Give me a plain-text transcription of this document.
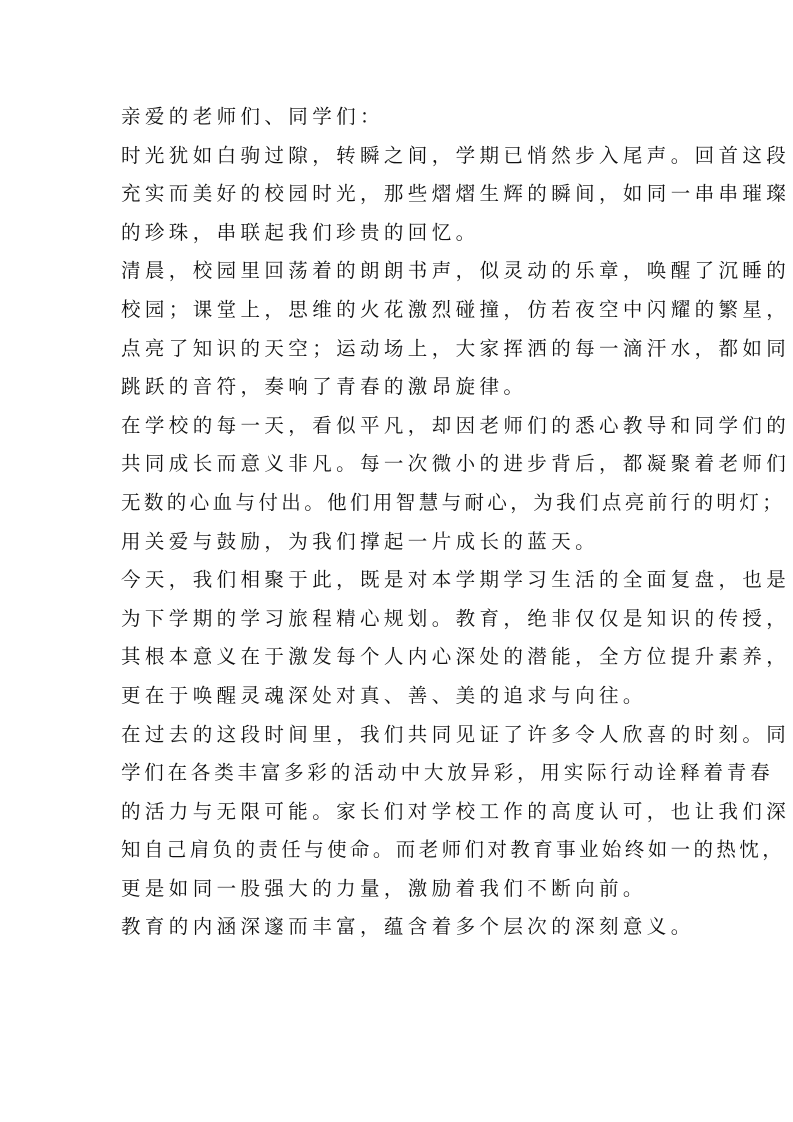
亲爱的老师们、同学们：
时光犹如白驹过隙，转瞬之间，学期已悄然步入尾声。回首这段
充实而美好的校园时光，那些熠熠生辉的瞬间，如同一串串璀璨
的珍珠，串联起我们珍贵的回忆。
清晨，校园里回荡着的朗朗书声，似灵动的乐章，唤醒了沉睡的
校园；课堂上，思维的火花激烈碰撞，仿若夜空中闪耀的繁星，
点亮了知识的天空；运动场上，大家挥洒的每一滴汗水，都如同
跳跃的音符，奏响了青春的激昂旋律。
在学校的每一天，看似平凡，却因老师们的悉心教导和同学们的
共同成长而意义非凡。每一次微小的进步背后，都凝聚着老师们
无数的心血与付出。他们用智慧与耐心，为我们点亮前行的明灯；
用关爱与鼓励，为我们撑起一片成长的蓝天。
今天，我们相聚于此，既是对本学期学习生活的全面复盘，也是
为下学期的学习旅程精心规划。教育，绝非仅仅是知识的传授，
其根本意义在于激发每个人内心深处的潜能，全方位提升素养，
更在于唤醒灵魂深处对真、善、美的追求与向往。
在过去的这段时间里，我们共同见证了许多令人欣喜的时刻。同
学们在各类丰富多彩的活动中大放异彩，用实际行动诠释着青春
的活力与无限可能。家长们对学校工作的高度认可，也让我们深
知自己肩负的责任与使命。而老师们对教育事业始终如一的热忱，
更是如同一股强大的力量，激励着我们不断向前。
教育的内涵深邃而丰富，蕴含着多个层次的深刻意义。
